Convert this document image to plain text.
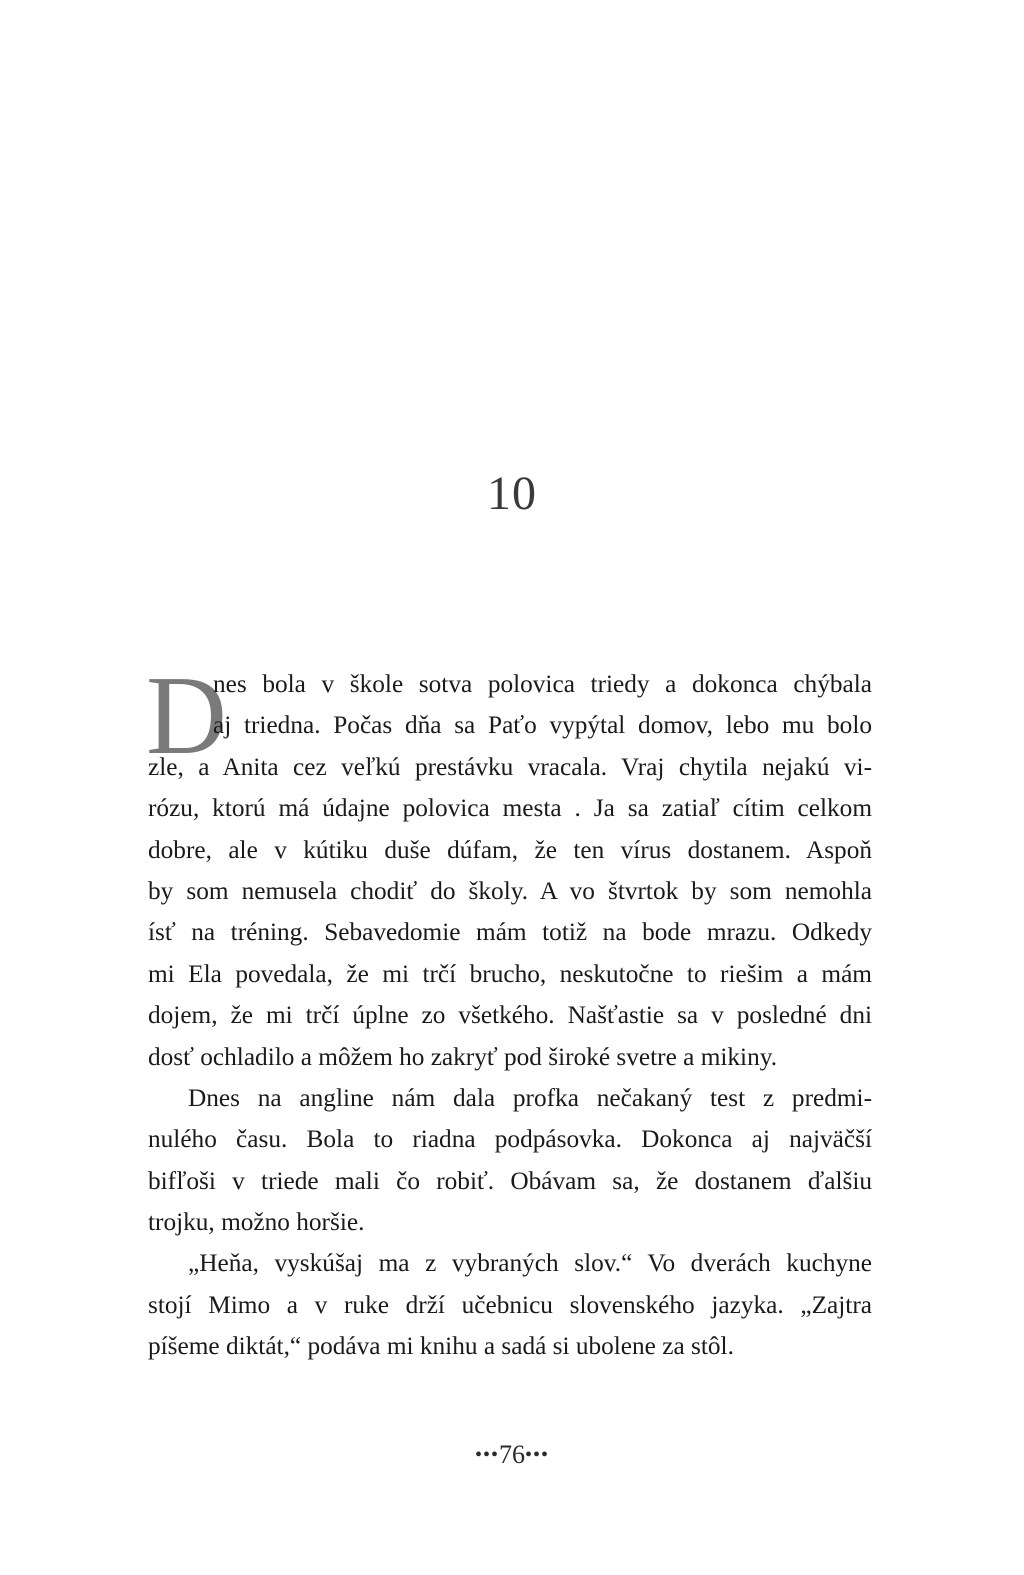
10
D
nes bola v škole sotva polovica triedy a dokonca chýbala
aj triedna. Počas dňa sa Paťo vypýtal domov, lebo mu bolo
zle, a Anita cez veľkú prestávku vracala. Vraj chytila nejakú vi-
rózu, ktorú má údajne polovica mesta . Ja sa zatiaľ cítim celkom
dobre, ale v kútiku duše dúfam, že ten vírus dostanem. Aspoň
by som nemusela chodiť do školy. A vo štvrtok by som nemohla
ísť na tréning. Sebavedomie mám totiž na bode mrazu. Odkedy
mi Ela povedala, že mi trčí brucho, neskutočne to riešim a mám
dojem, že mi trčí úplne zo všetkého. Našťastie sa v posledné dni
dosť ochladilo a môžem ho zakryť pod široké svetre a mikiny.
Dnes na angline nám dala profka nečakaný test z predmi-
nulého času. Bola to riadna podpásovka. Dokonca aj najväčší
bifľoši v triede mali čo robiť. Obávam sa, že dostanem ďalšiu
trojku, možno horšie.
„Heňa, vyskúšaj ma z vybraných slov.“ Vo dverách kuchyne
stojí Mimo a v ruke drží učebnicu slovenského jazyka. „Zajtra
píšeme diktát,“ podáva mi knihu a sadá si ubolene za stôl.
•••76•••
